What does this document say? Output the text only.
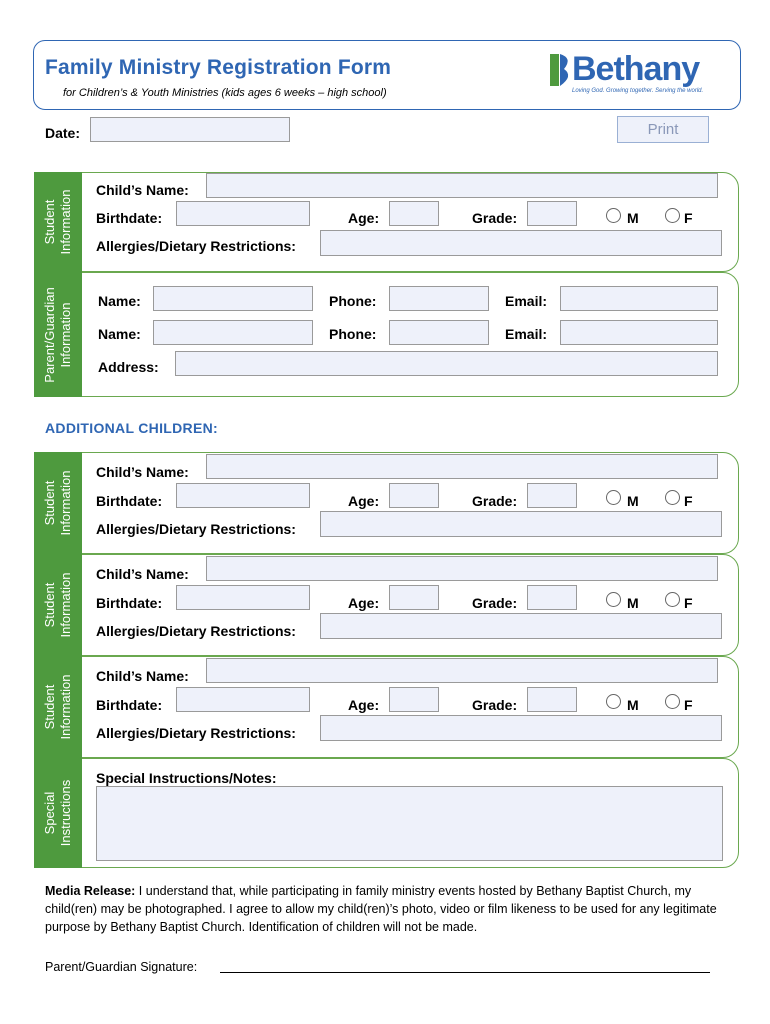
Family Ministry Registration Form
for Children’s & Youth Ministries (kids ages 6 weeks – high school)
Bethany
Loving God. Growing together. Serving the world.
Date:	Print
Student
Information Child’s Name:
Birthdate:	Age:	Grade:	M	F
Allergies/Dietary Restrictions:
Parent/Guardian
Information
Name:	Phone:	Email:
Name:	Phone:	Email:
Address:
ADDITIONAL CHILDREN:
Student
Information Child’s Name:
Birthdate:	Age:	Grade:	M	F
Allergies/Dietary Restrictions:
Student
Information Child’s Name:
Birthdate:	Age:	Grade:	M	F
Allergies/Dietary Restrictions:
Student
Information Child’s Name:
Birthdate:	Age:	Grade:	M	F
Allergies/Dietary Restrictions:
Special
Instructions
Special Instructions/Notes:
Media Release: I understand that, while participating in family ministry events hosted by Bethany Baptist Church, my child(ren) may be photographed. I agree to allow my child(ren)’s photo, video or film likeness to be used for any legitimate purpose by Bethany Baptist Church. Identification of children will not be made.
Parent/Guardian Signature:
